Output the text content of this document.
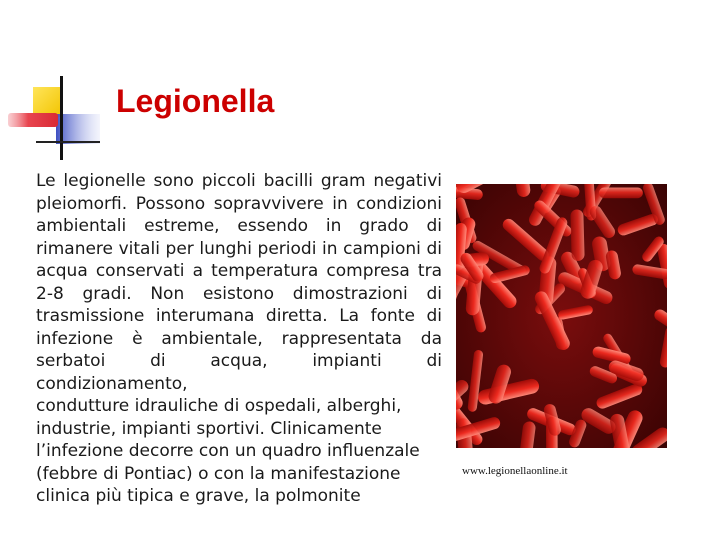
Legionella

Le legionelle sono piccoli bacilli gram negativi pleiomorfi. Possono sopravvivere in condizioni ambientali estreme, essendo in grado di rimanere vitali per lunghi periodi in campioni di acqua conservati a temperatura compresa tra 2-8 gradi. Non esistono dimostrazioni di trasmissione interumana diretta. La fonte di infezione è ambientale, rappresentata da serbatoi di acqua, impianti di

condizionamento,

condutture idrauliche di ospedali, alberghi, industrie, impianti sportivi. Clinicamente l’infezione decorre con un quadro influenzale (febbre di Pontiac) o con la manifestazione clinica più tipica e grave, la polmonite

www.legionellaonline.it
